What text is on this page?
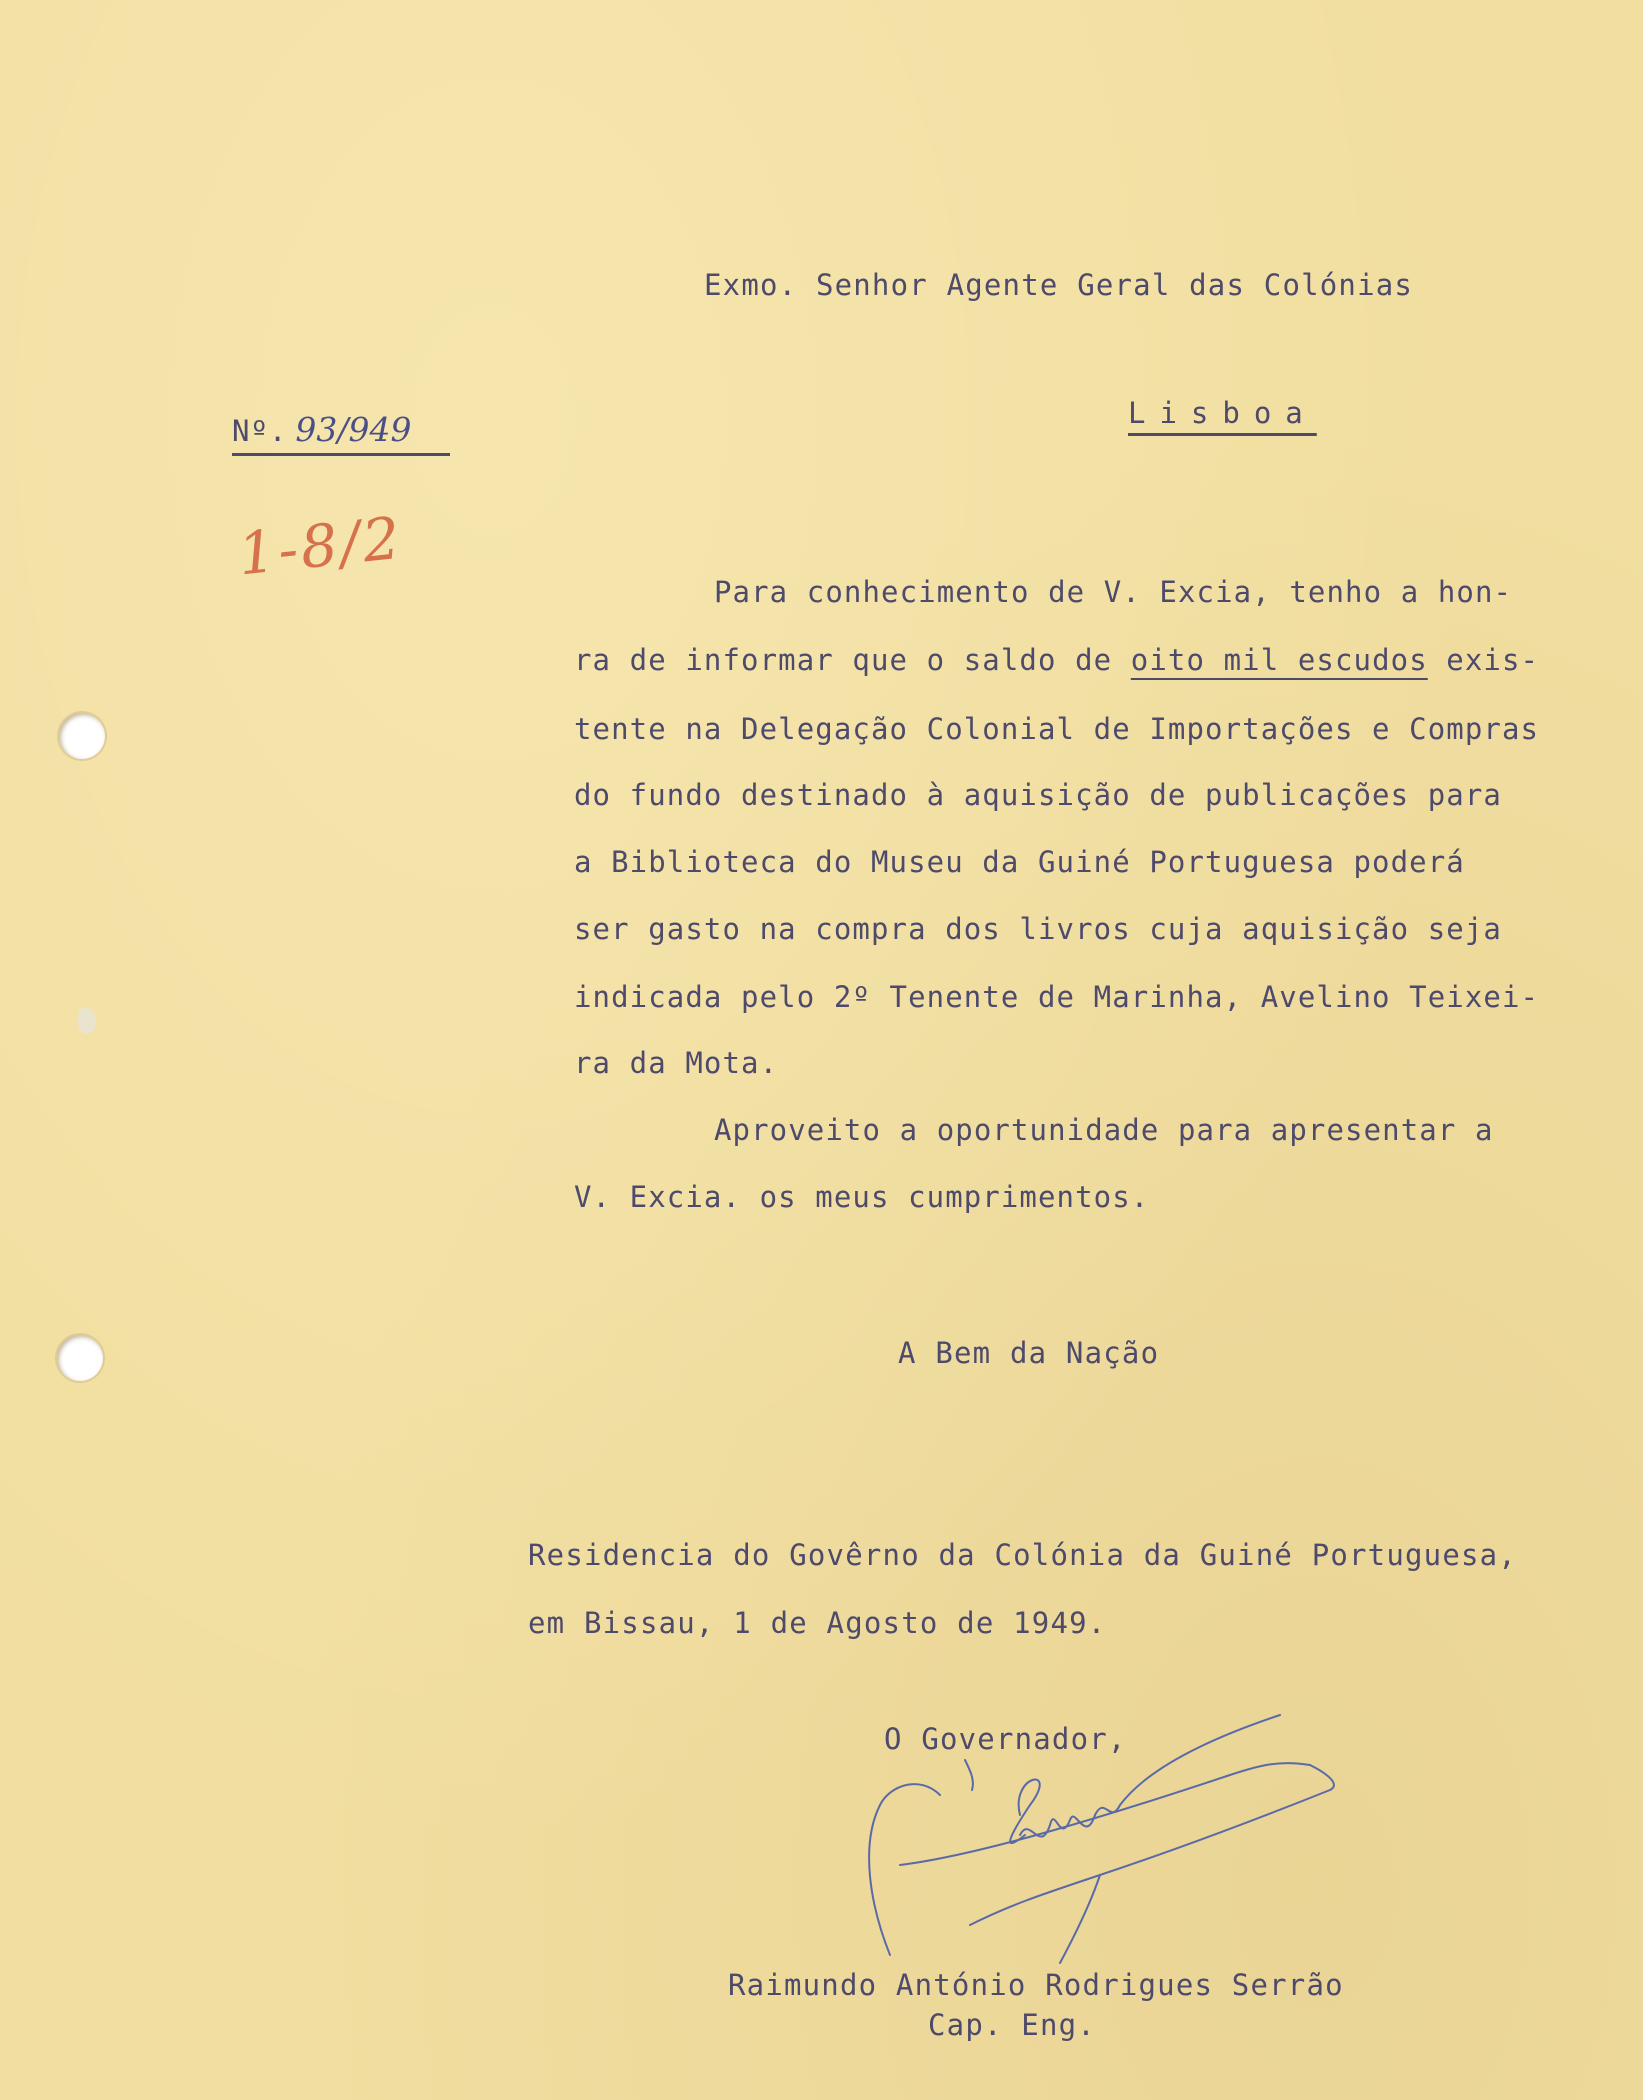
Exmo. Senhor Agente Geral das Colónias
Nº. 93/949	Lisboa
1-8/2
Para conhecimento de V. Excia, tenho a hon-
ra de informar que o saldo de oito mil escudos exis-
tente na Delegação Colonial de Importações e Compras
do fundo destinado à aquisição de publicações para
a Biblioteca do Museu da Guiné Portuguesa poderá
ser gasto na compra dos livros cuja aquisição seja
indicada pelo 2º Tenente de Marinha, Avelino Teixei-
ra da Mota.
Aproveito a oportunidade para apresentar a
V. Excia. os meus cumprimentos.
A Bem da Nação
Residencia do Govêrno da Colónia da Guiné Portuguesa,
em Bissau, 1 de Agosto de 1949.
O Governador,
Raimundo António Rodrigues Serrão
Cap. Eng.
